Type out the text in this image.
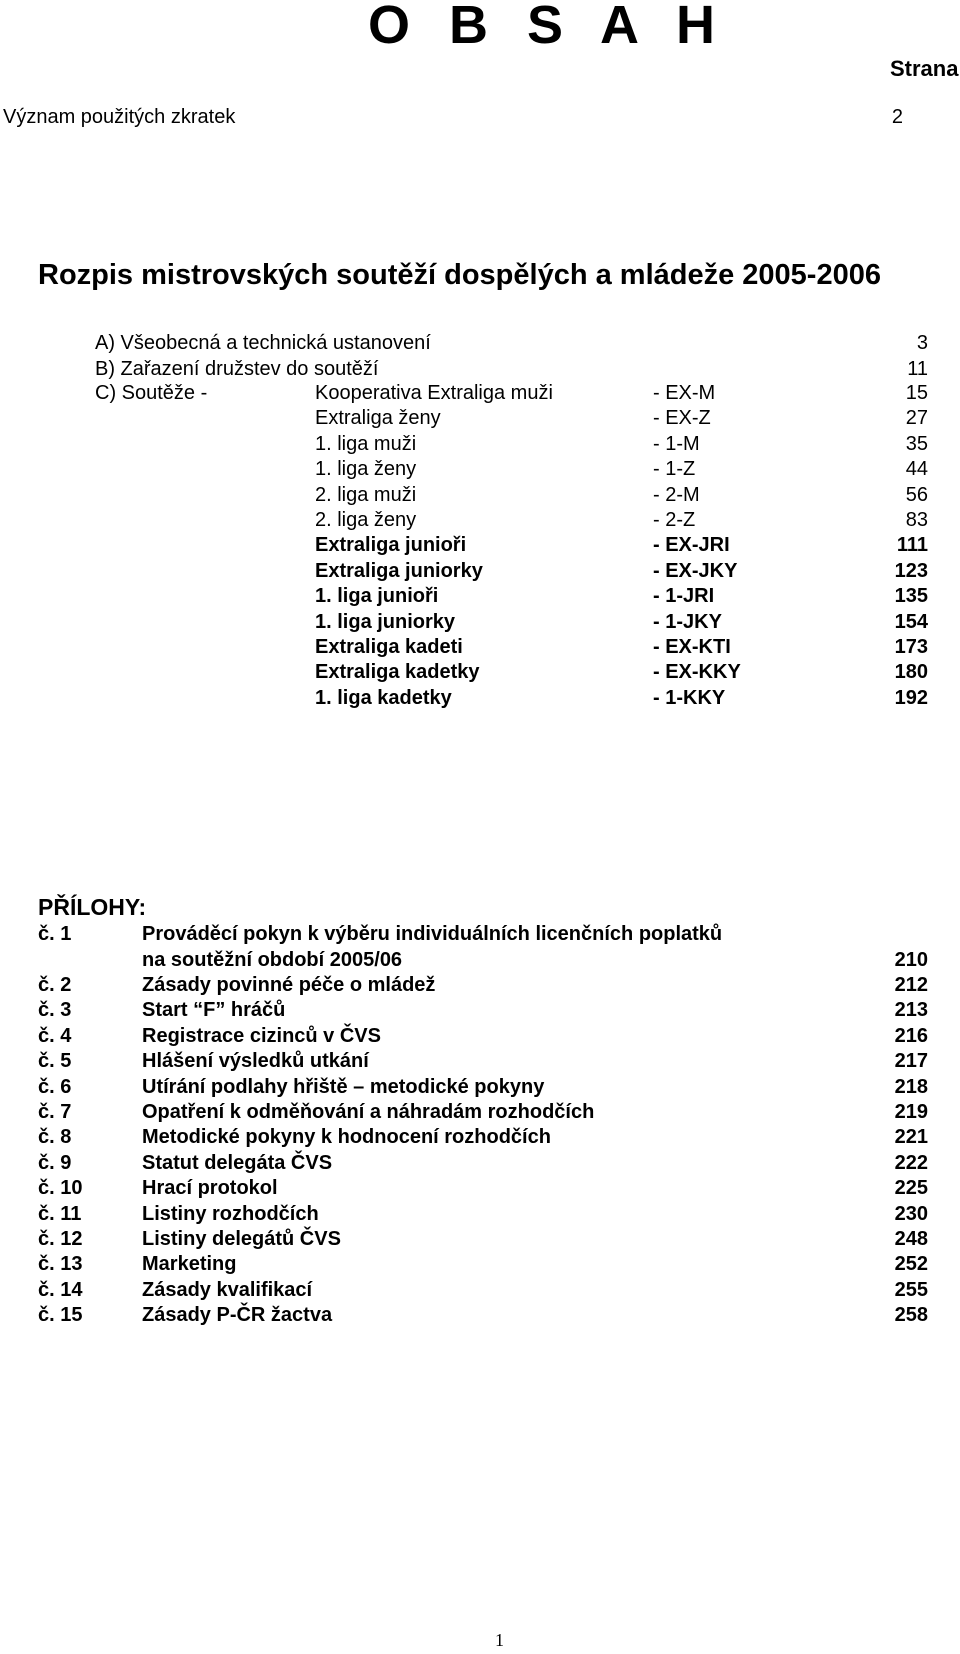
O B S A H
Strana
Význam použitých zkratek	2
Rozpis mistrovských soutěží dospělých a mládeže 2005-2006
A) Všeobecná a technická ustanovení	3
B) Zařazení družstev do soutěží	11
C) Soutěže -	Kooperativa Extraliga muži	- EX-M	15
Extraliga ženy	- EX-Z	27
1. liga muži	- 1-M	35
1. liga ženy	- 1-Z	44
2. liga muži	- 2-M	56
2. liga ženy	- 2-Z	83
Extraliga junioři	- EX-JRI	111
Extraliga juniorky	- EX-JKY	123
1. liga junioři	- 1-JRI	135
1. liga juniorky	- 1-JKY	154
Extraliga kadeti	- EX-KTI	173
Extraliga kadetky	- EX-KKY	180
1. liga kadetky	- 1-KKY	192
PŘÍLOHY:
č. 1	Prováděcí pokyn k výběru individuálních licenčních poplatků
na soutěžní období 2005/06	210
č. 2	Zásady povinné péče o mládež	212
č. 3	Start “F” hráčů	213
č. 4	Registrace cizinců v ČVS	216
č. 5	Hlášení výsledků utkání	217
č. 6	Utírání podlahy hřiště – metodické pokyny	218
č. 7	Opatření k odměňování a náhradám rozhodčích	219
č. 8	Metodické pokyny k hodnocení rozhodčích	221
č. 9	Statut delegáta ČVS	222
č. 10	Hrací protokol	225
č. 11	Listiny rozhodčích	230
č. 12	Listiny delegátů ČVS	248
č. 13	Marketing	252
č. 14	Zásady kvalifikací	255
č. 15	Zásady P-ČR žactva	258
1
